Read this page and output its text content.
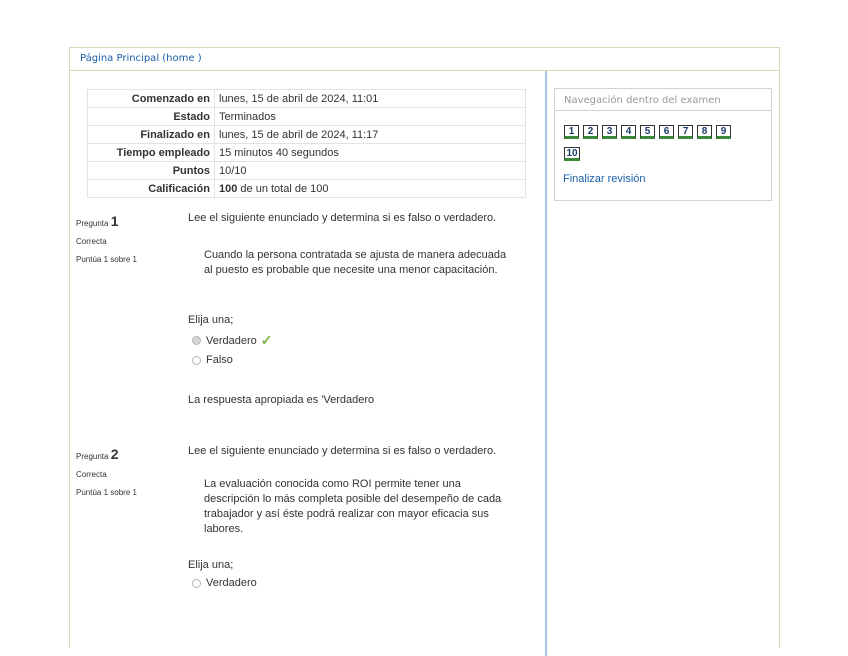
Página Principal (home )
Comenzado en	lunes, 15 de abril de 2024, 11:01
Estado	Terminados
Finalizado en	lunes, 15 de abril de 2024, 11:17
Tiempo empleado	15 minutos 40 segundos
Puntos	10/10
Calificación	100 de un total de 100
Pregunta 1
Correcta
Puntúa 1 sobre 1
Lee el siguiente enunciado y determina si es falso o verdadero.
Cuando la persona contratada se ajusta de manera adecuada al puesto es probable que necesite una menor capacitación.
Elija una;
Verdadero ✓
Falso
La respuesta apropiada es 'Verdadero
Pregunta 2
Correcta
Puntúa 1 sobre 1
Lee el siguiente enunciado y determina si es falso o verdadero.
La evaluación conocida como ROI permite tener una descripción lo más completa posible del desempeño de cada trabajador y así éste podrá realizar con mayor eficacia sus labores.
Elija una;
Verdadero
Navegación dentro del examen
1	2	3	4	5	6	7	8	9
10
Finalizar revisión
